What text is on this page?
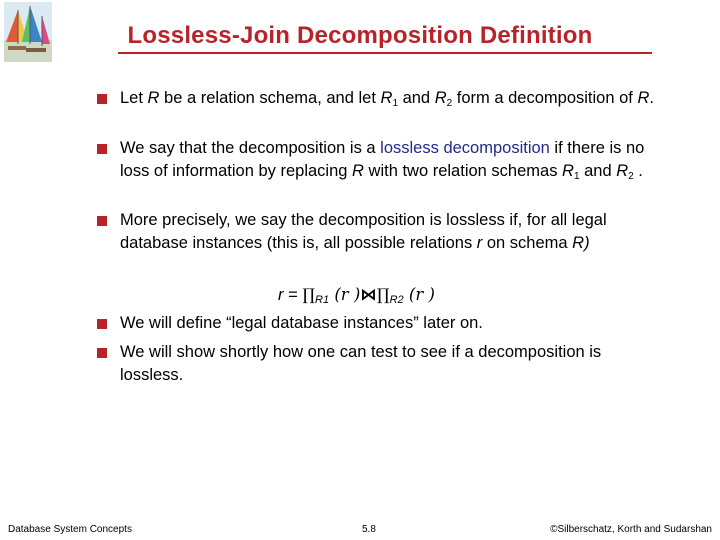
Lossless-Join Decomposition Definition
Let R be a relation schema, and let $R_1$ and $R_2$ form a decomposition of R.
We say that the decomposition is a lossless decomposition if there is no loss of information by replacing R with two relation schemas $R_1$ and $R_2$ .
More precisely, we say the decomposition is lossless if, for all legal database instances (this is, all possible relations r on schema R)
r = ∏R1 (r )⋈∏R2 (r )
We will define “legal database instances” later on.
We will show shortly how one can test to see if a decomposition is lossless.
Database System Concepts	5.8	©Silberschatz, Korth and Sudarshan
